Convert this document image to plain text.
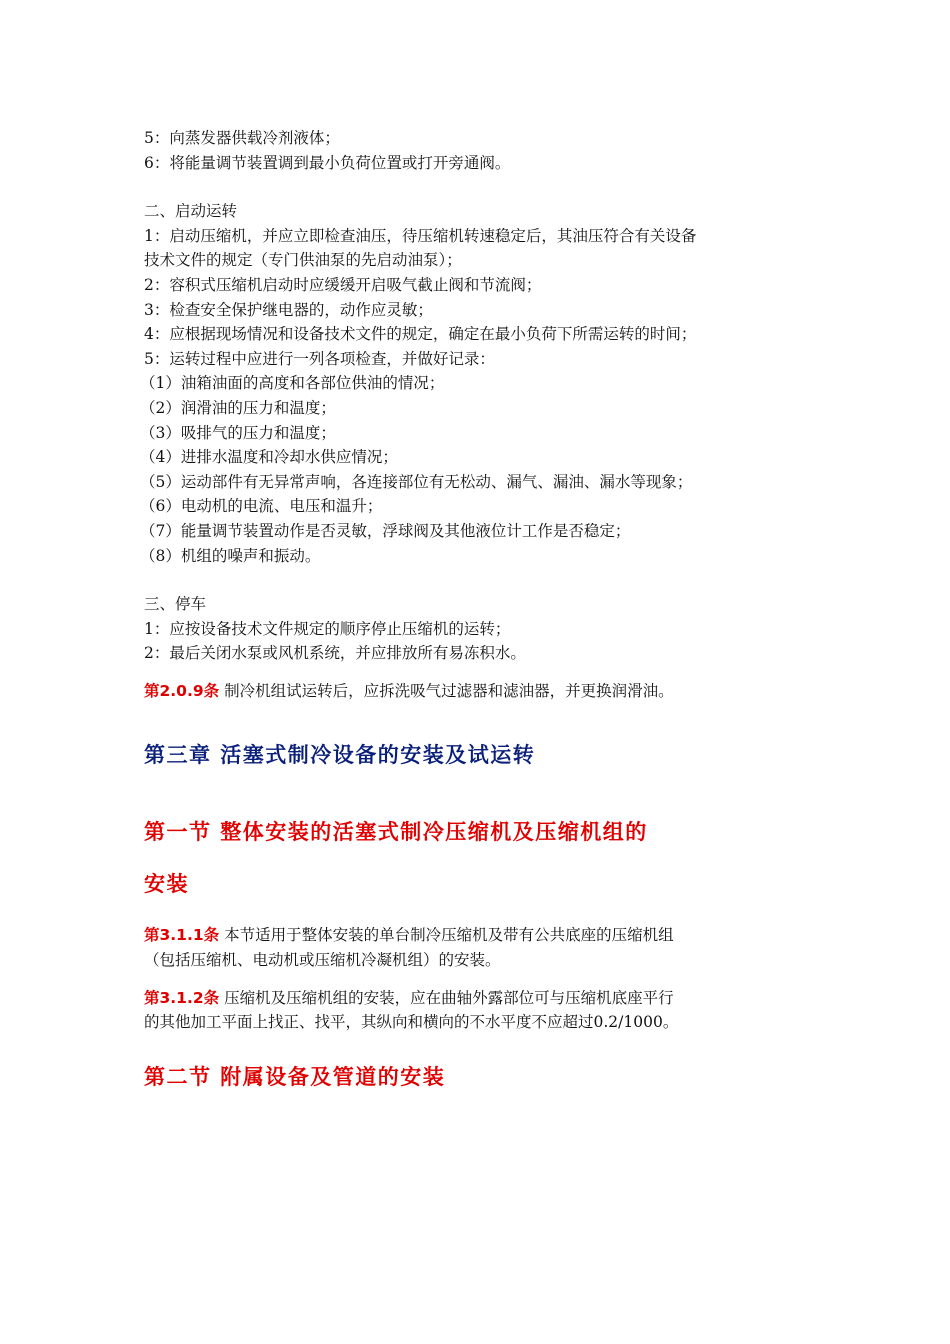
5：向蒸发器供载冷剂液体；
6：将能量调节装置调到最小负荷位置或打开旁通阀。
二、启动运转
1：启动压缩机，并应立即检查油压，待压缩机转速稳定后，其油压符合有关设备
技术文件的规定（专门供油泵的先启动油泵）；
2：容积式压缩机启动时应缓缓开启吸气截止阀和节流阀；
3：检查安全保护继电器的，动作应灵敏；
4：应根据现场情况和设备技术文件的规定，确定在最小负荷下所需运转的时间；
5：运转过程中应进行一列各项检查，并做好记录：
（1）油箱油面的高度和各部位供油的情况；
（2）润滑油的压力和温度；
（3）吸排气的压力和温度；
（4）进排水温度和冷却水供应情况；
（5）运动部件有无异常声响，各连接部位有无松动、漏气、漏油、漏水等现象；
（6）电动机的电流、电压和温升；
（7）能量调节装置动作是否灵敏，浮球阀及其他液位计工作是否稳定；
（8）机组的噪声和振动。
三、停车
1：应按设备技术文件规定的顺序停止压缩机的运转；
2：最后关闭水泵或风机系统，并应排放所有易冻积水。
第2.0.9条 制冷机组试运转后，应拆洗吸气过滤器和滤油器，并更换润滑油。
第三章 活塞式制冷设备的安装及试运转
第一节 整体安装的活塞式制冷压缩机及压缩机组的
安装
第3.1.1条 本节适用于整体安装的单台制冷压缩机及带有公共底座的压缩机组
（包括压缩机、电动机或压缩机冷凝机组）的安装。
第3.1.2条 压缩机及压缩机组的安装，应在曲轴外露部位可与压缩机底座平行
的其他加工平面上找正、找平，其纵向和横向的不水平度不应超过0.2/1000。
第二节 附属设备及管道的安装
